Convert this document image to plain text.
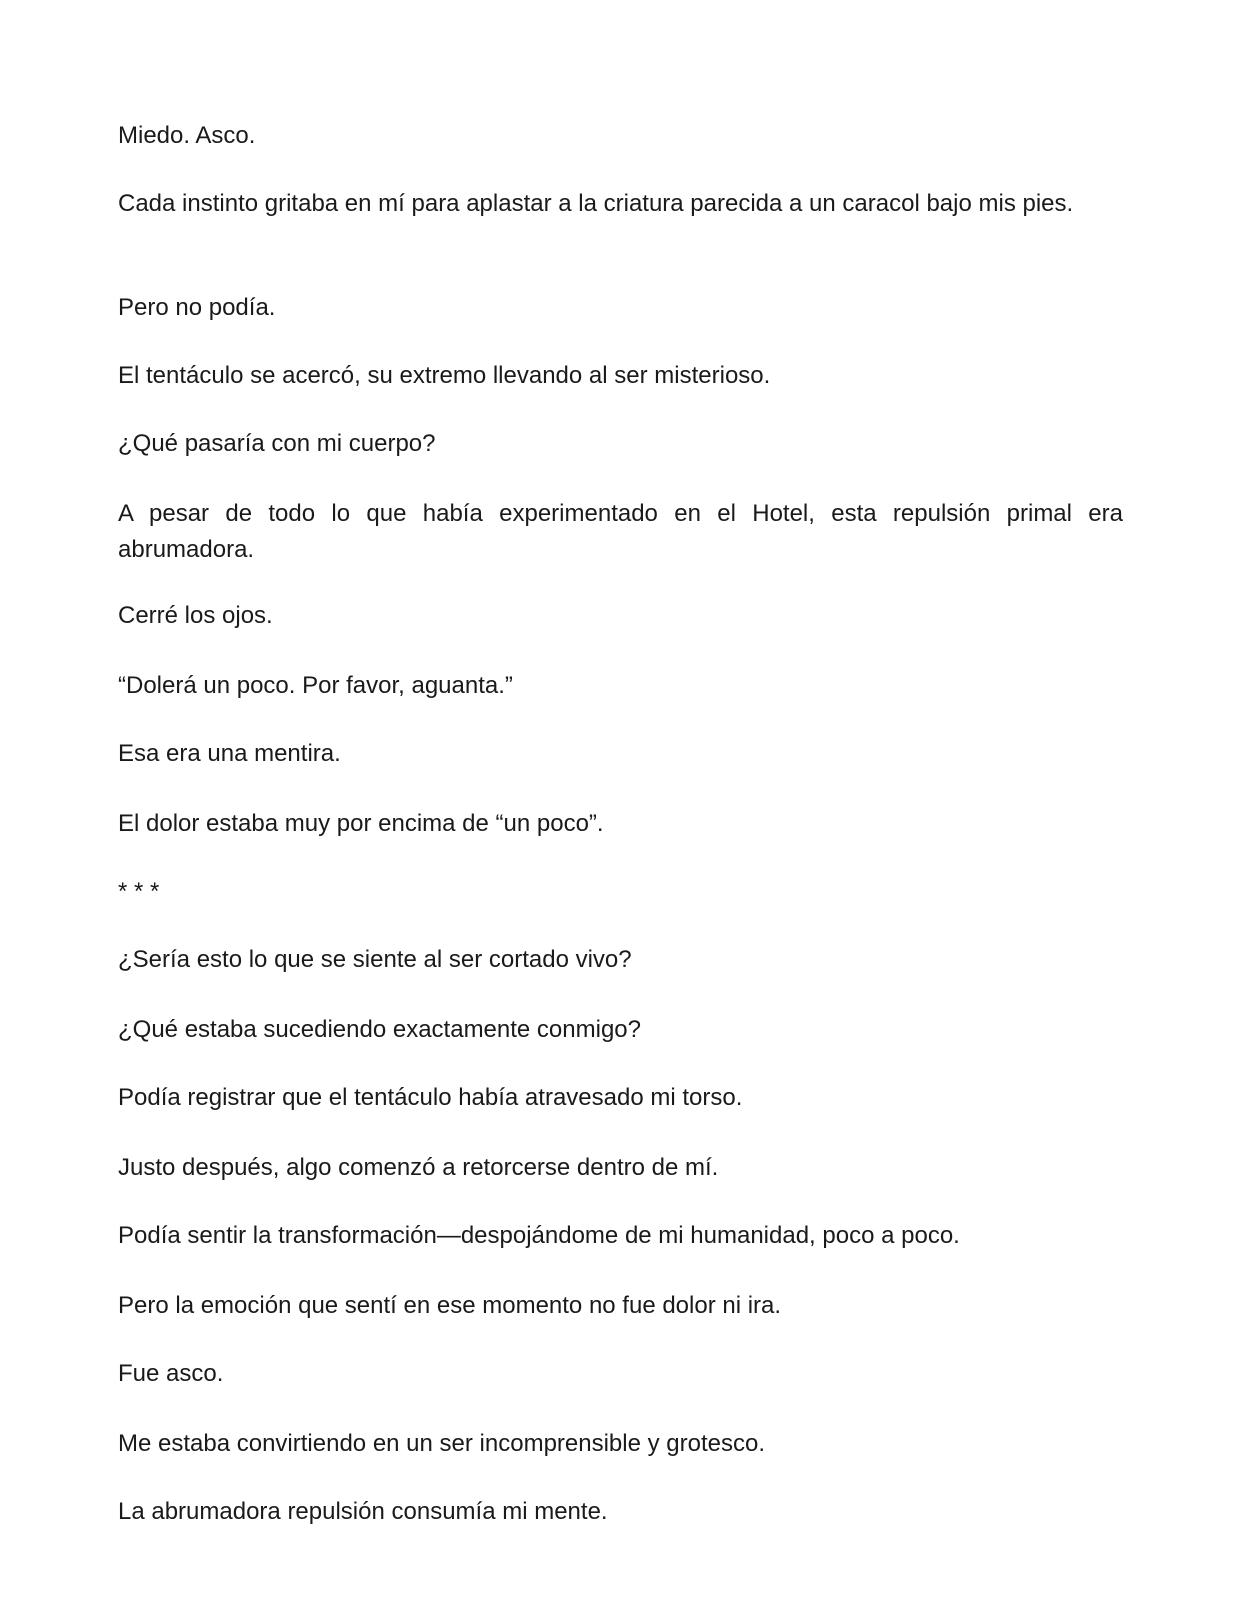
Miedo. Asco.

Cada instinto gritaba en mí para aplastar a la criatura parecida a un caracol bajo mis pies.

Pero no podía.

El tentáculo se acercó, su extremo llevando al ser misterioso.

¿Qué pasaría con mi cuerpo?

A pesar de todo lo que había experimentado en el Hotel, esta repulsión primal era abrumadora.

Cerré los ojos.

“Dolerá un poco. Por favor, aguanta.”

Esa era una mentira.

El dolor estaba muy por encima de “un poco”.

* * *

¿Sería esto lo que se siente al ser cortado vivo?

¿Qué estaba sucediendo exactamente conmigo?

Podía registrar que el tentáculo había atravesado mi torso.

Justo después, algo comenzó a retorcerse dentro de mí.

Podía sentir la transformación—despojándome de mi humanidad, poco a poco.

Pero la emoción que sentí en ese momento no fue dolor ni ira.

Fue asco.

Me estaba convirtiendo en un ser incomprensible y grotesco.

La abrumadora repulsión consumía mi mente.
